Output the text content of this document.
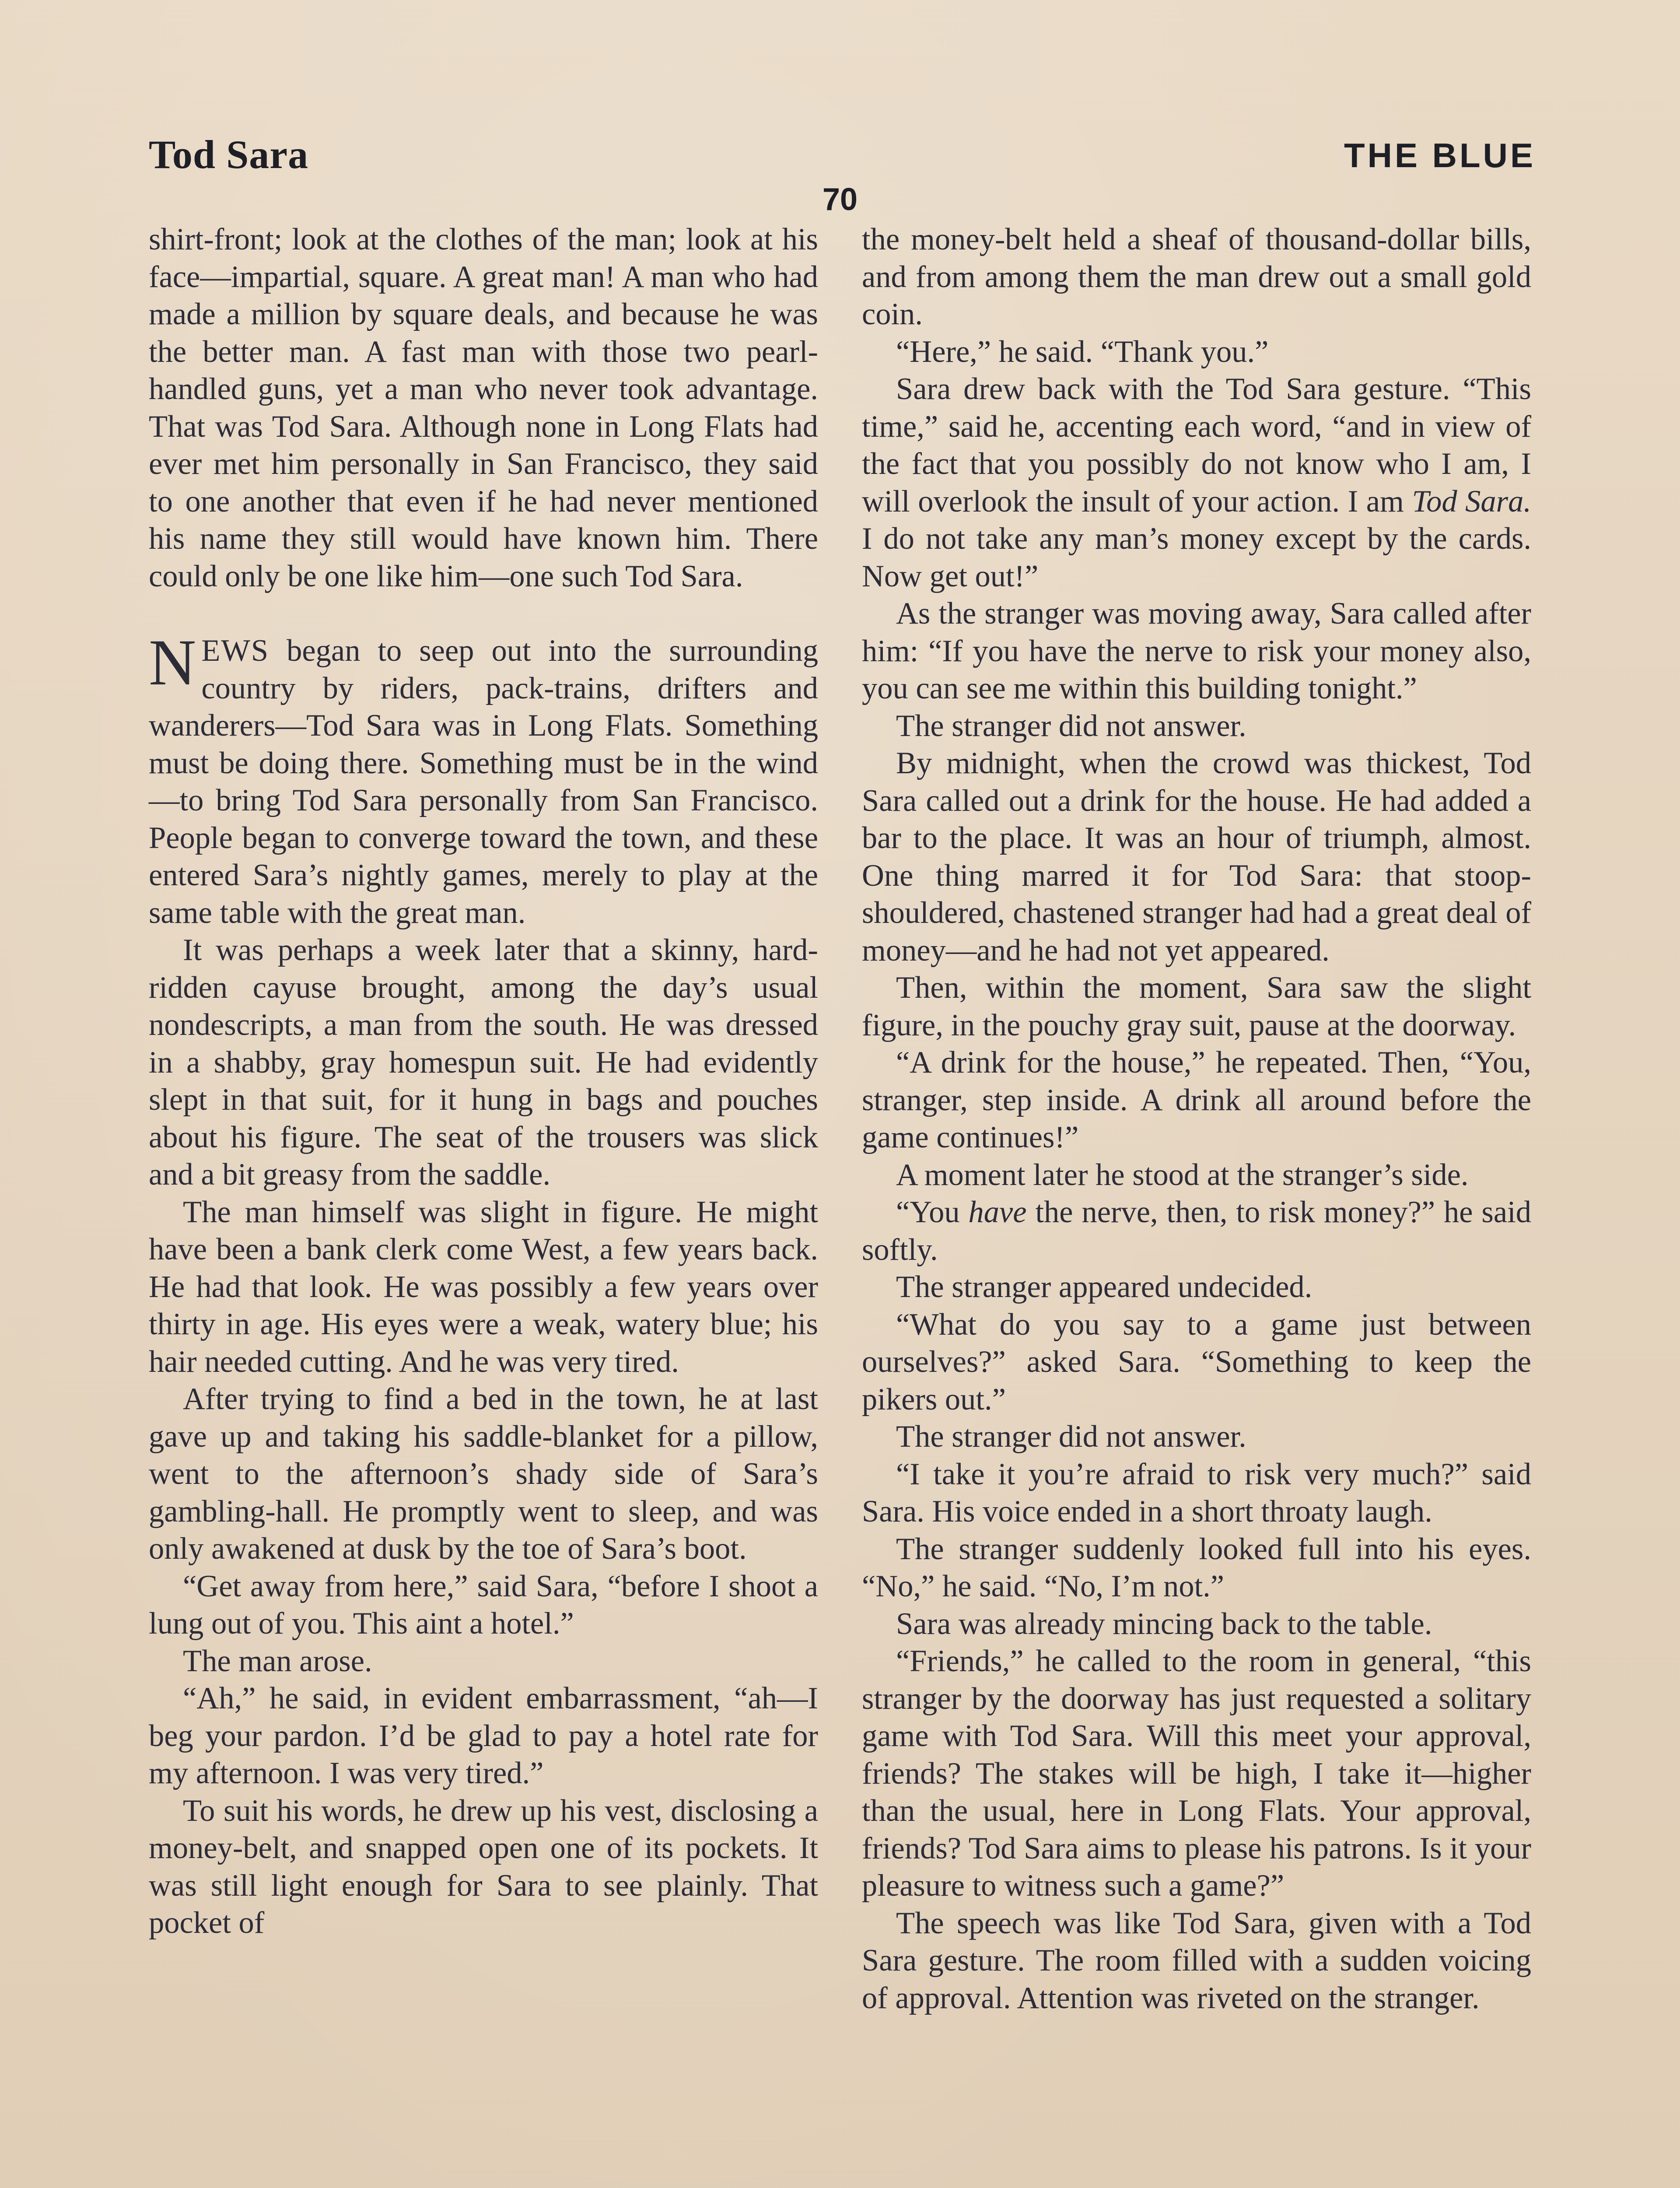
Tod Sara	THE BLUE
70

shirt-front; look at the clothes of the man; look at his face—impartial, square. A great man! A man who had made a million by square deals, and because he was the better man. A fast man with those two pearl-handled guns, yet a man who never took advantage. That was Tod Sara. Although none in Long Flats had ever met him personally in San Francisco, they said to one another that even if he had never mentioned his name they still would have known him. There could only be one like him—one such Tod Sara.

NEWS began to seep out into the surrounding country by riders, pack-trains, drifters and wanderers—Tod Sara was in Long Flats. Something must be doing there. Something must be in the wind—to bring Tod Sara personally from San Francisco. People began to converge toward the town, and these entered Sara’s nightly games, merely to play at the same table with the great man.

It was perhaps a week later that a skinny, hard-ridden cayuse brought, among the day’s usual nondescripts, a man from the south. He was dressed in a shabby, gray homespun suit. He had evidently slept in that suit, for it hung in bags and pouches about his figure. The seat of the trousers was slick and a bit greasy from the saddle.

The man himself was slight in figure. He might have been a bank clerk come West, a few years back. He had that look. He was possibly a few years over thirty in age. His eyes were a weak, watery blue; his hair needed cutting. And he was very tired.

After trying to find a bed in the town, he at last gave up and taking his saddle-blanket for a pillow, went to the afternoon’s shady side of Sara’s gambling-hall. He promptly went to sleep, and was only awakened at dusk by the toe of Sara’s boot.

“Get away from here,” said Sara, “before I shoot a lung out of you. This aint a hotel.”

The man arose.

“Ah,” he said, in evident embarrassment, “ah—I beg your pardon. I’d be glad to pay a hotel rate for my afternoon. I was very tired.”

To suit his words, he drew up his vest, disclosing a money-belt, and snapped open one of its pockets. It was still light enough for Sara to see plainly. That pocket of

the money-belt held a sheaf of thousand-dollar bills, and from among them the man drew out a small gold coin.

“Here,” he said. “Thank you.”

Sara drew back with the Tod Sara gesture. “This time,” said he, accenting each word, “and in view of the fact that you possibly do not know who I am, I will overlook the insult of your action. I am Tod Sara. I do not take any man’s money except by the cards. Now get out!”

As the stranger was moving away, Sara called after him: “If you have the nerve to risk your money also, you can see me within this building tonight.”

The stranger did not answer.

By midnight, when the crowd was thickest, Tod Sara called out a drink for the house. He had added a bar to the place. It was an hour of triumph, almost. One thing marred it for Tod Sara: that stoop-shouldered, chastened stranger had had a great deal of money—and he had not yet appeared.

Then, within the moment, Sara saw the slight figure, in the pouchy gray suit, pause at the doorway.

“A drink for the house,” he repeated. Then, “You, stranger, step inside. A drink all around before the game continues!”

A moment later he stood at the stranger’s side.

“You have the nerve, then, to risk money?” he said softly.

The stranger appeared undecided.

“What do you say to a game just between ourselves?” asked Sara. “Something to keep the pikers out.”

The stranger did not answer.

“I take it you’re afraid to risk very much?” said Sara. His voice ended in a short throaty laugh.

The stranger suddenly looked full into his eyes. “No,” he said. “No, I’m not.”

Sara was already mincing back to the table.

“Friends,” he called to the room in general, “this stranger by the doorway has just requested a solitary game with Tod Sara. Will this meet your approval, friends? The stakes will be high, I take it—higher than the usual, here in Long Flats. Your approval, friends? Tod Sara aims to please his patrons. Is it your pleasure to witness such a game?”

The speech was like Tod Sara, given with a Tod Sara gesture. The room filled with a sudden voicing of approval. Attention was riveted on the stranger.
